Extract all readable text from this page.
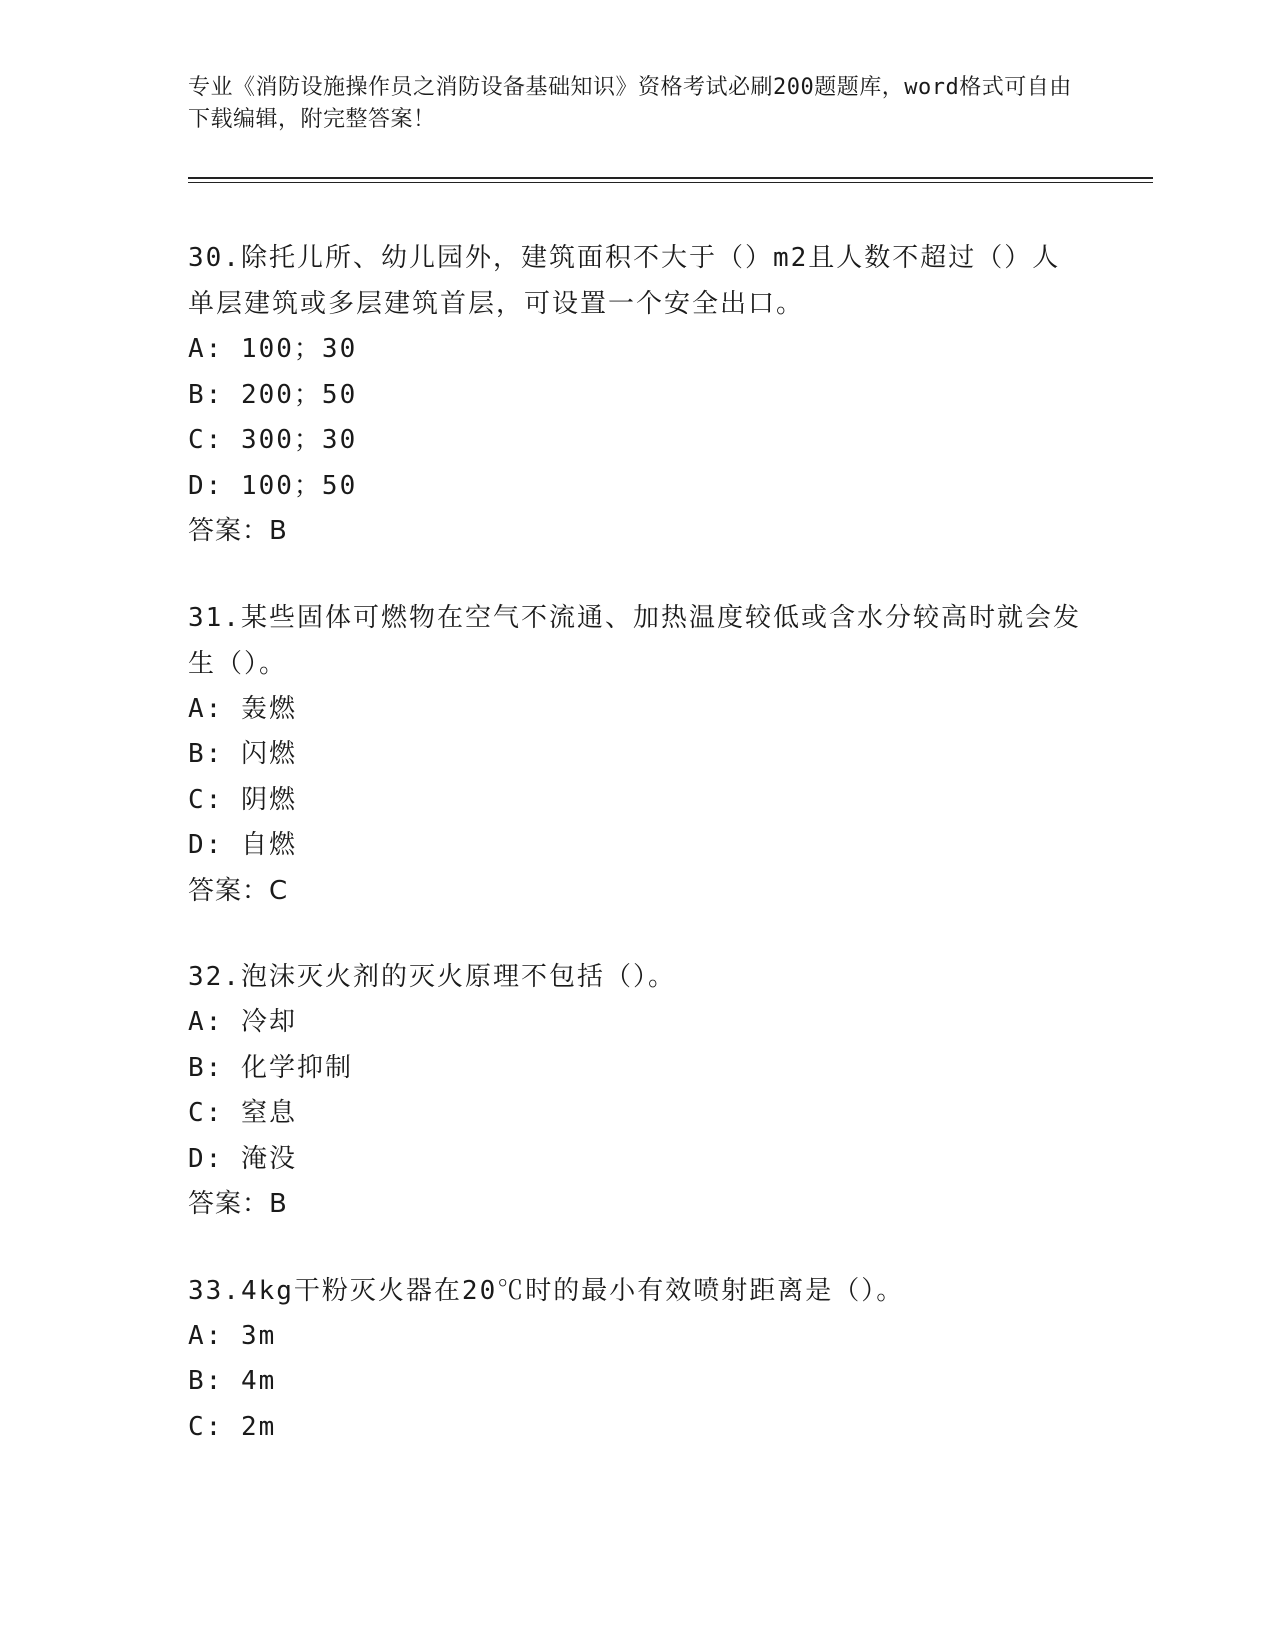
专业《消防设施操作员之消防设备基础知识》资格考试必刷200题题库，word格式可自由下载编辑，附完整答案！
30.除托儿所、幼儿园外，建筑面积不大于（）m2且人数不超过（）人单层建筑或多层建筑首层，可设置一个安全出口。
A: 100；30
B: 200；50
C: 300；30
D: 100；50
答案：B
31.某些固体可燃物在空气不流通、加热温度较低或含水分较高时就会发生（）。
A: 轰燃
B: 闪燃
C: 阴燃
D: 自燃
答案：C
32.泡沫灭火剂的灭火原理不包括（）。
A: 冷却
B: 化学抑制
C: 窒息
D: 淹没
答案：B
33.4kg干粉灭火器在20℃时的最小有效喷射距离是（）。
A: 3m
B: 4m
C: 2m
